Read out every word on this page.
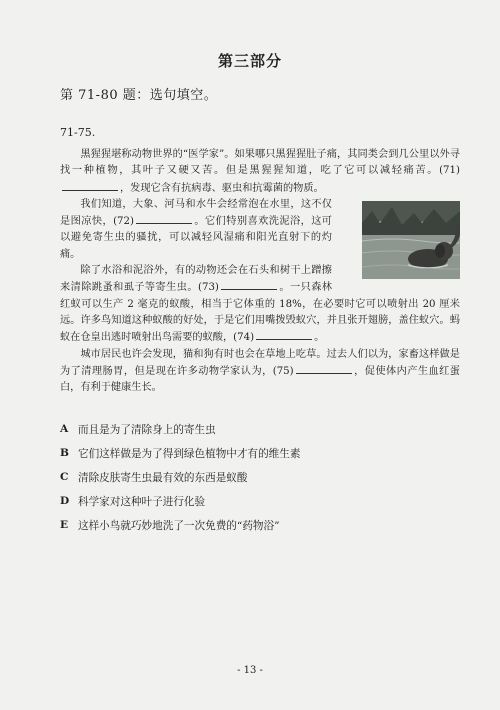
第三部分
第 71-80 题：选句填空。
71-75.

黑猩猩堪称动物世界的“医学家”。如果哪只黑猩猩肚子痛，其同类会到几公里以外寻找一种植物，其叶子又硬又苦。但是黑猩猩知道，吃了它可以减轻痛苦。(71)，发现它含有抗病毒、驱虫和抗霉菌的物质。

我们知道，大象、河马和水牛会经常泡在水里，这不仅是图凉快，(72)	。它们特别喜欢洗泥浴，这可以避免寄生虫的骚扰，可以减轻风湿痛和阳光直射下的灼痛。

除了水浴和泥浴外，有的动物还会在石头和树干上蹭擦来清除跳蚤和虱子等寄生虫。(73)	。一只森林红蚁可以生产 2 毫克的蚁酸，相当于它体重的 18%，在必要时它可以喷射出 20 厘米远。许多鸟知道这种蚁酸的好处，于是它们用嘴拨毁蚁穴，并且张开翅膀，盖住蚁穴。蚂蚁在仓皇出逃时喷射出鸟需要的蚁酸，(74)	。

城市居民也许会发现，猫和狗有时也会在草地上吃草。过去人们以为，家畜这样做是为了清理肠胃，但是现在许多动物学家认为，(75)	，促使体内产生血红蛋白，有利于健康生长。

A 而且是为了清除身上的寄生虫
B 它们这样做是为了得到绿色植物中才有的维生素
C 清除皮肤寄生虫最有效的东西是蚁酸
D 科学家对这种叶子进行化验
E 这样小鸟就巧妙地洗了一次免费的“药物浴”
- 13 -
